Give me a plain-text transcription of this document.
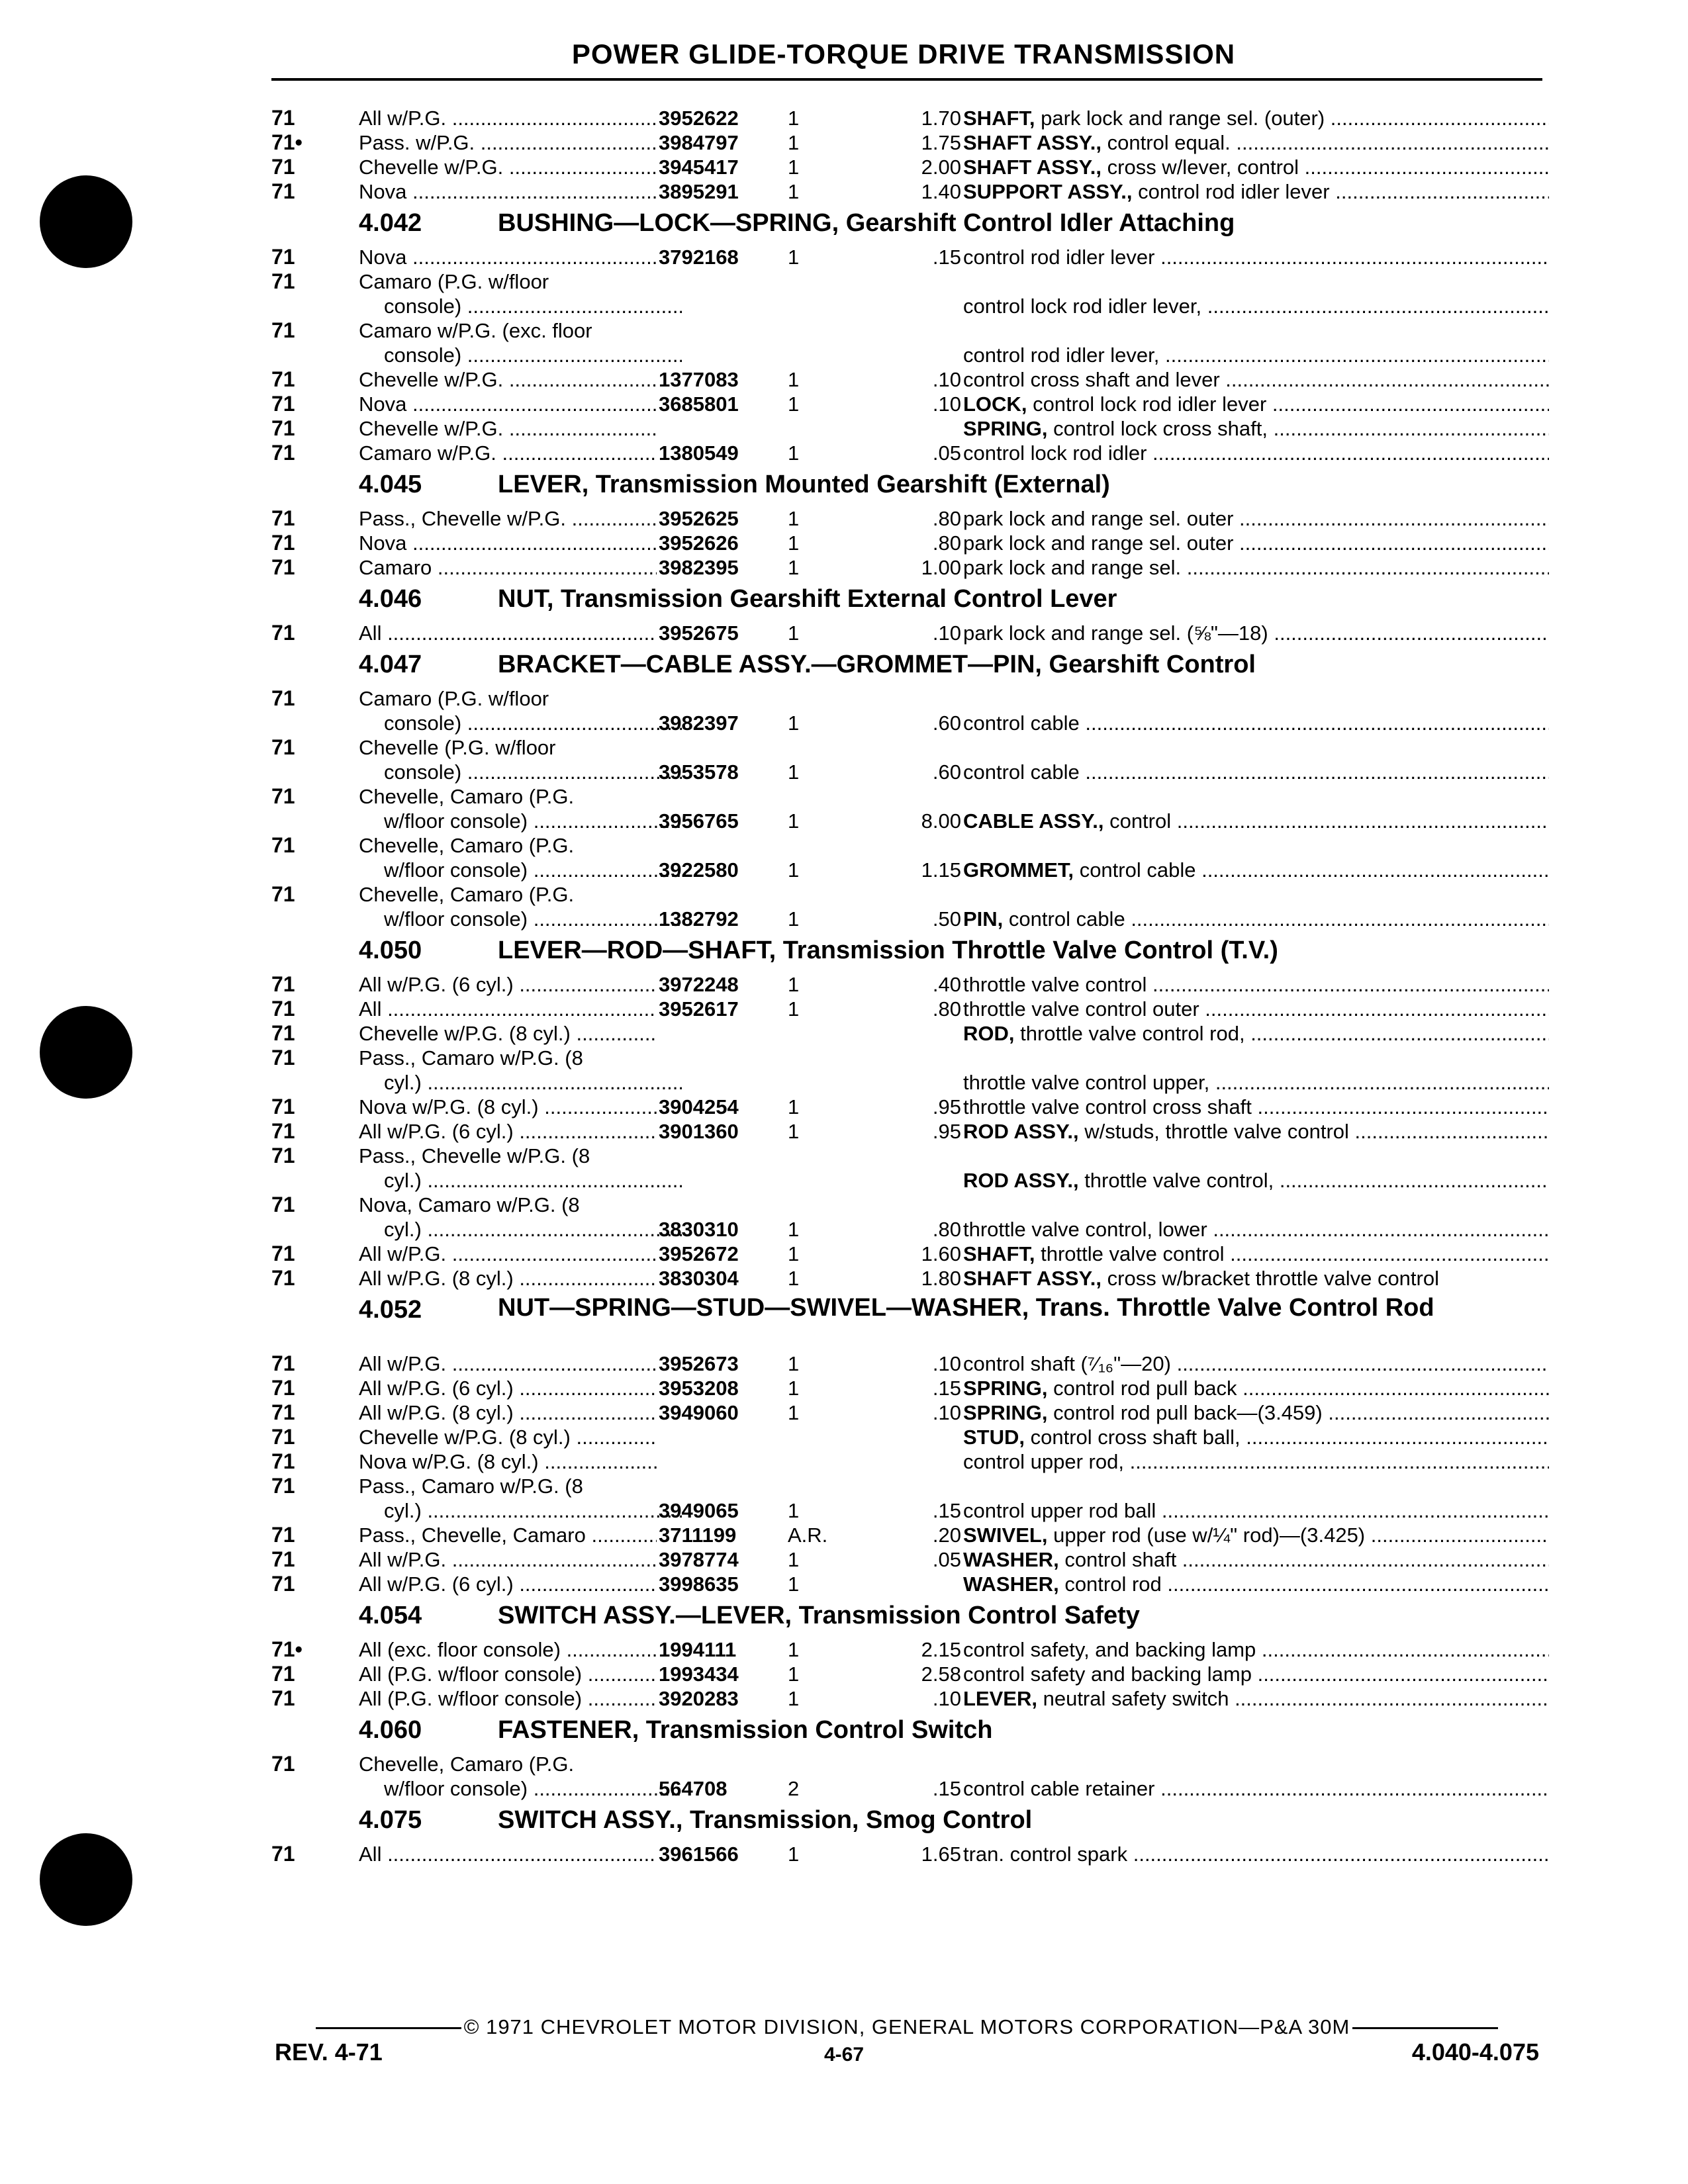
POWER GLIDE-TORQUE DRIVE TRANSMISSION
71	All w/P.G. .....	3952622	1	1.70 SHAFT, park lock and range sel. (outer) .....
71•	Pass. w/P.G. .....	3984797	1	1.75 SHAFT ASSY., control equal. .....
71	Chevelle w/P.G. .....	3945417	1	2.00 SHAFT ASSY., cross w/lever, control .....
71	Nova .....	3895291	1	1.40 SUPPORT ASSY., control rod idler lever .....
4.042	BUSHING—LOCK—SPRING, Gearshift Control Idler Attaching
71	Nova .....	3792168	1	.15 control rod idler lever .....
71	Camaro (P.G. w/floor
console) .....	control lock rod idler lever, .....
71	Camaro w/P.G. (exc. floor
console) .....	control rod idler lever, .....
71	Chevelle w/P.G. .....	1377083	1	.10 control cross shaft and lever .....
71	Nova .....	3685801	1	.10 LOCK, control lock rod idler lever .....
71	Chevelle w/P.G. .....	SPRING, control lock cross shaft, .....
71	Camaro w/P.G. .....	1380549	1	.05 control lock rod idler .....
4.045	LEVER, Transmission Mounted Gearshift (External)
71	Pass., Chevelle w/P.G. .....	3952625	1	.80 park lock and range sel. outer .....
71	Nova .....	3952626	1	.80 park lock and range sel. outer .....
71	Camaro .....	3982395	1	1.00 park lock and range sel. .....
4.046	NUT, Transmission Gearshift External Control Lever
71	All .....	3952675	1	.10 park lock and range sel. (⅝"—18) .....
4.047	BRACKET—CABLE ASSY.—GROMMET—PIN, Gearshift Control
71	Camaro (P.G. w/floor
console) .....	3982397	1	.60 control cable .....
71	Chevelle (P.G. w/floor
console) .....	3953578	1	.60 control cable .....
71	Chevelle, Camaro (P.G.
w/floor console) .....	3956765	1	8.00 CABLE ASSY., control .....
71	Chevelle, Camaro (P.G.
w/floor console) .....	3922580	1	1.15 GROMMET, control cable .....
71	Chevelle, Camaro (P.G.
w/floor console) .....	1382792	1	.50 PIN, control cable .....
4.050	LEVER—ROD—SHAFT, Transmission Throttle Valve Control (T.V.)
71	All w/P.G. (6 cyl.) .....	3972248	1	.40 throttle valve control .....
71	All .....	3952617	1	.80 throttle valve control outer .....
71	Chevelle w/P.G. (8 cyl.) .....	ROD, throttle valve control rod, .....
71	Pass., Camaro w/P.G. (8
cyl.) .....	throttle valve control upper, .....
71	Nova w/P.G. (8 cyl.) .....	3904254	1	.95 throttle valve control cross shaft .....
71	All w/P.G. (6 cyl.) .....	3901360	1	.95 ROD ASSY., w/studs, throttle valve control .....
71	Pass., Chevelle w/P.G. (8
cyl.) .....	ROD ASSY., throttle valve control, .....
71	Nova, Camaro w/P.G. (8
cyl.) .....	3830310	1	.80 throttle valve control, lower .....
71	All w/P.G. .....	3952672	1	1.60 SHAFT, throttle valve control .....
71	All w/P.G. (8 cyl.) .....	3830304	1	1.80 SHAFT ASSY., cross w/bracket throttle valve control
4.052	NUT—SPRING—STUD—SWIVEL—WASHER, Trans. Throttle Valve Control Rod
71	All w/P.G. .....	3952673	1	.10 control shaft (⁷⁄₁₆"—20) .....
71	All w/P.G. (6 cyl.) .....	3953208	1	.15 SPRING, control rod pull back .....
71	All w/P.G. (8 cyl.) .....	3949060	1	.10 SPRING, control rod pull back—(3.459) .....
71	Chevelle w/P.G. (8 cyl.) .....	STUD, control cross shaft ball, .....
71	Nova w/P.G. (8 cyl.) .....	control upper rod, .....
71	Pass., Camaro w/P.G. (8
cyl.) .....	3949065	1	.15 control upper rod ball .....
71	Pass., Chevelle, Camaro .....	3711199	A.R.	.20 SWIVEL, upper rod (use w/¼" rod)—(3.425) .....
71	All w/P.G. .....	3978774	1	.05 WASHER, control shaft .....
71	All w/P.G. (6 cyl.) .....	3998635	1	WASHER, control rod .....
4.054	SWITCH ASSY.—LEVER, Transmission Control Safety
71•	All (exc. floor console) .....	1994111	1	2.15 control safety, and backing lamp .....
71	All (P.G. w/floor console) .....	1993434	1	2.58 control safety and backing lamp .....
71	All (P.G. w/floor console) .....	3920283	1	.10 LEVER, neutral safety switch .....
4.060	FASTENER, Transmission Control Switch
71	Chevelle, Camaro (P.G.
w/floor console) .....	564708	2	.15 control cable retainer .....
4.075	SWITCH ASSY., Transmission, Smog Control
71	All .....	3961566	1	1.65 tran. control spark .....
© 1971 CHEVROLET MOTOR DIVISION, GENERAL MOTORS CORPORATION—P&A 30M
REV. 4-71	4-67	4.040-4.075
